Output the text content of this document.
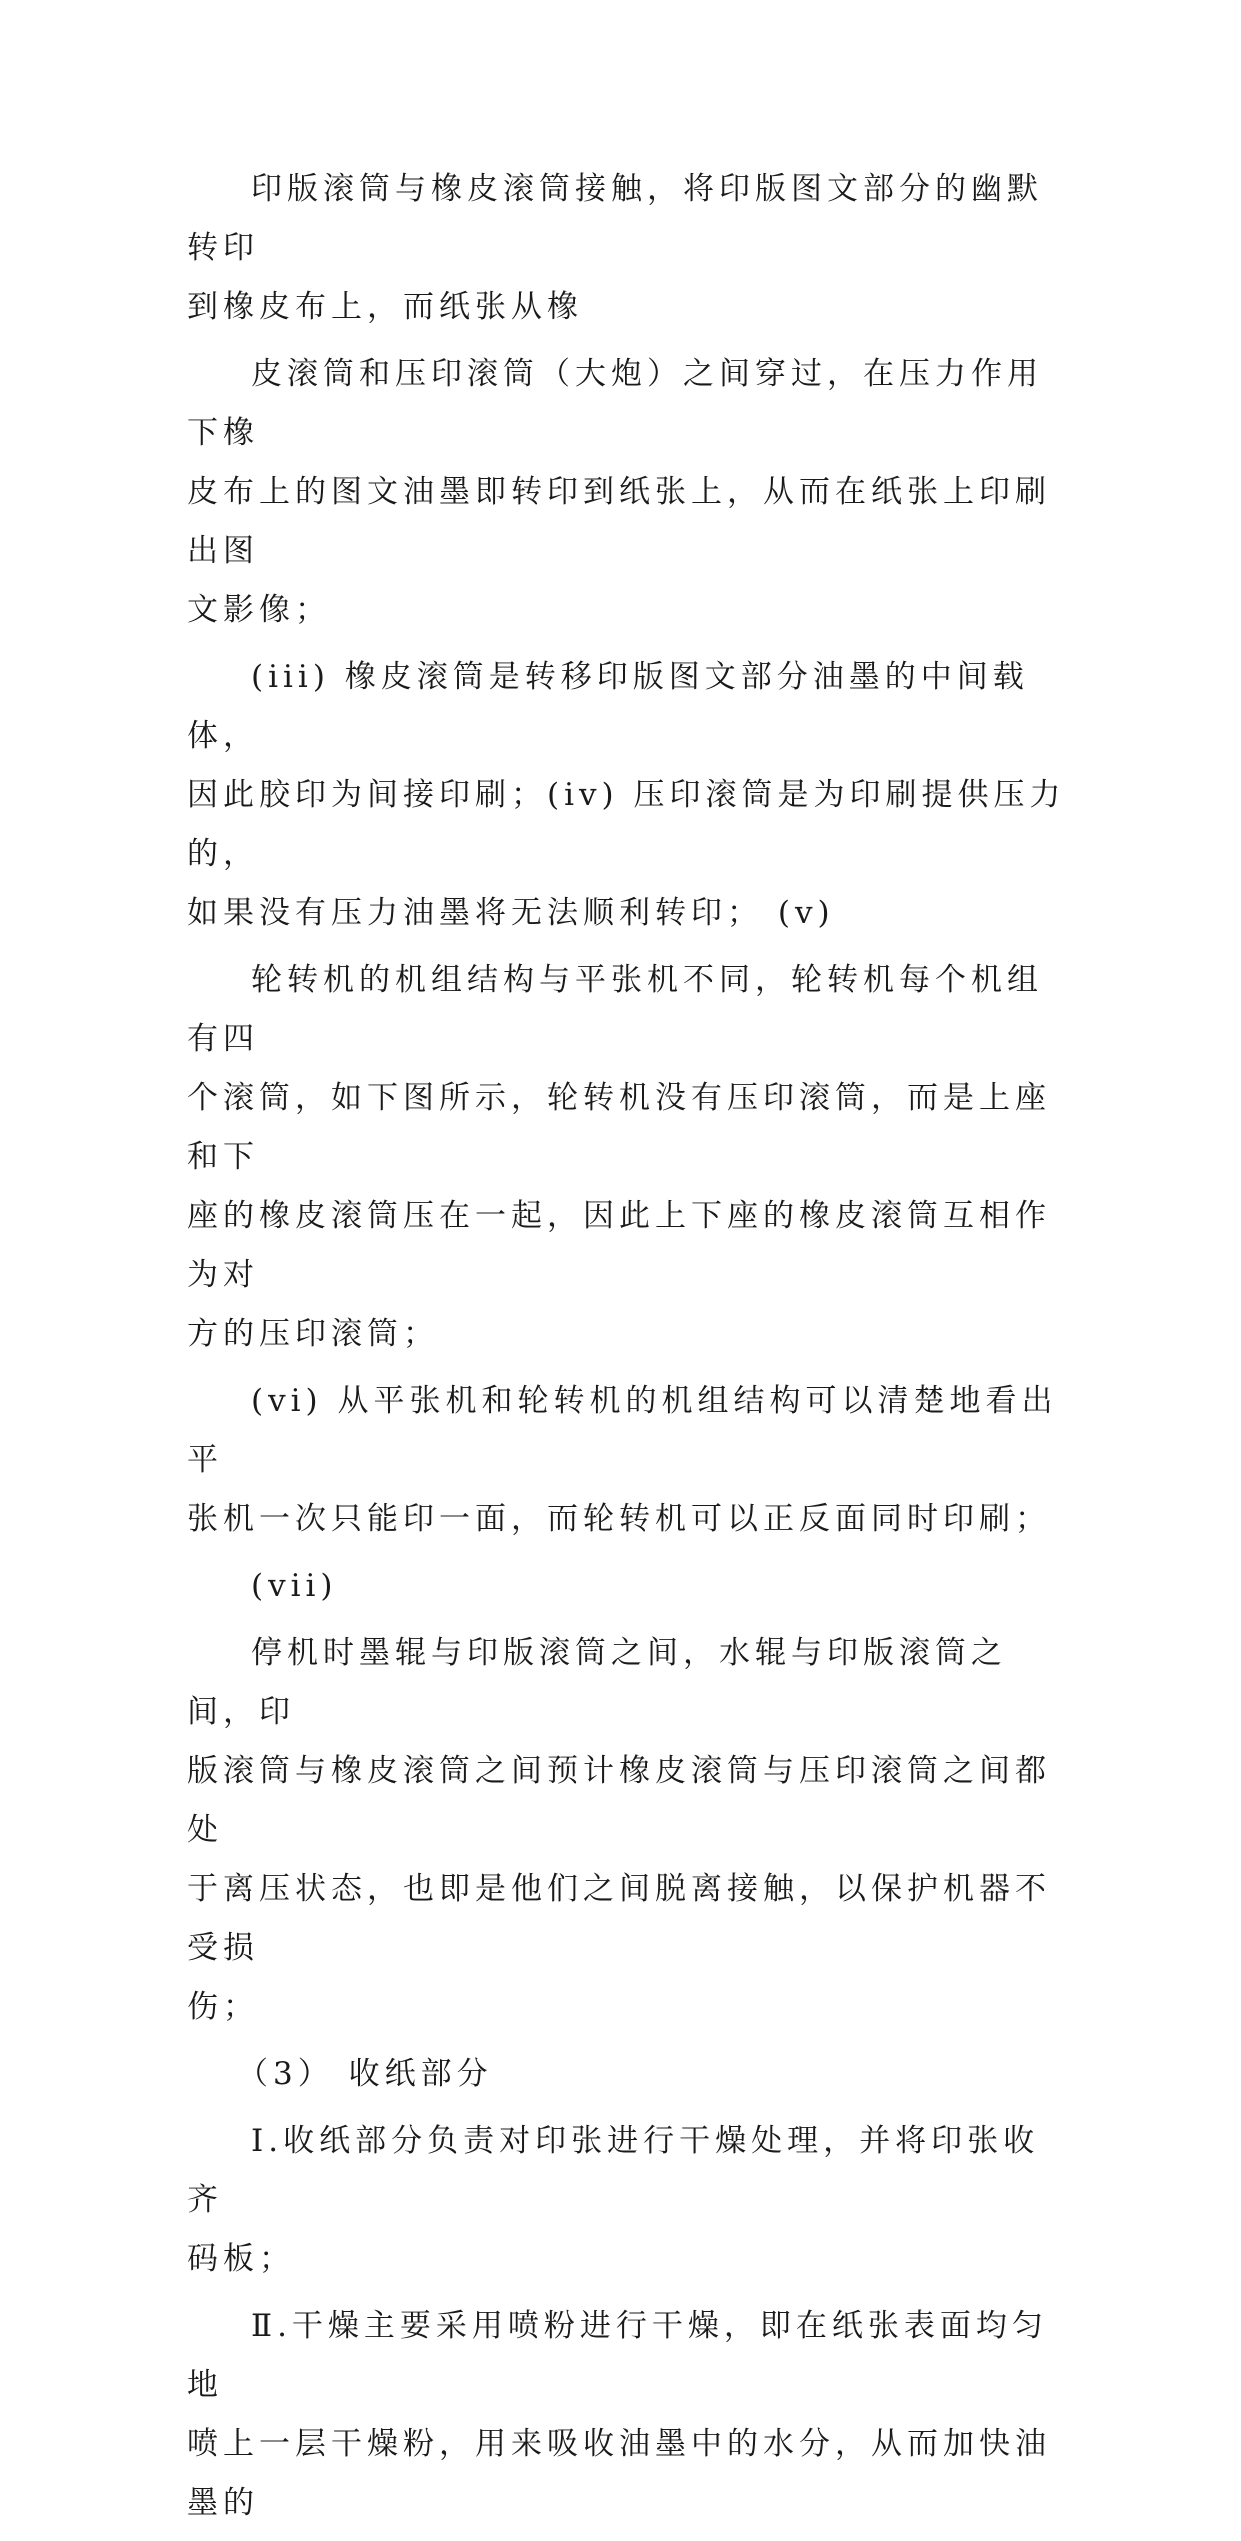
印版滚筒与橡皮滚筒接触，将印版图文部分的幽默转印
到橡皮布上，而纸张从橡

皮滚筒和压印滚筒（大炮）之间穿过，在压力作用下橡
皮布上的图文油墨即转印到纸张上，从而在纸张上印刷出图
文影像；

(iii) 橡皮滚筒是转移印版图文部分油墨的中间载体，
因此胶印为间接印刷；(iv) 压印滚筒是为印刷提供压力的，
如果没有压力油墨将无法顺利转印； (v)

轮转机的机组结构与平张机不同，轮转机每个机组有四
个滚筒，如下图所示，轮转机没有压印滚筒，而是上座和下
座的橡皮滚筒压在一起，因此上下座的橡皮滚筒互相作为对
方的压印滚筒；

(vi) 从平张机和轮转机的机组结构可以清楚地看出平
张机一次只能印一面，而轮转机可以正反面同时印刷；

(vii)

停机时墨辊与印版滚筒之间，水辊与印版滚筒之间，印
版滚筒与橡皮滚筒之间预计橡皮滚筒与压印滚筒之间都处
于离压状态，也即是他们之间脱离接触，以保护机器不受损
伤；

（3） 收纸部分

Ⅰ.收纸部分负责对印张进行干燥处理，并将印张收齐
码板；

Ⅱ.干燥主要采用喷粉进行干燥，即在纸张表面均匀地
喷上一层干燥粉，用来吸收油墨中的水分，从而加快油墨的
